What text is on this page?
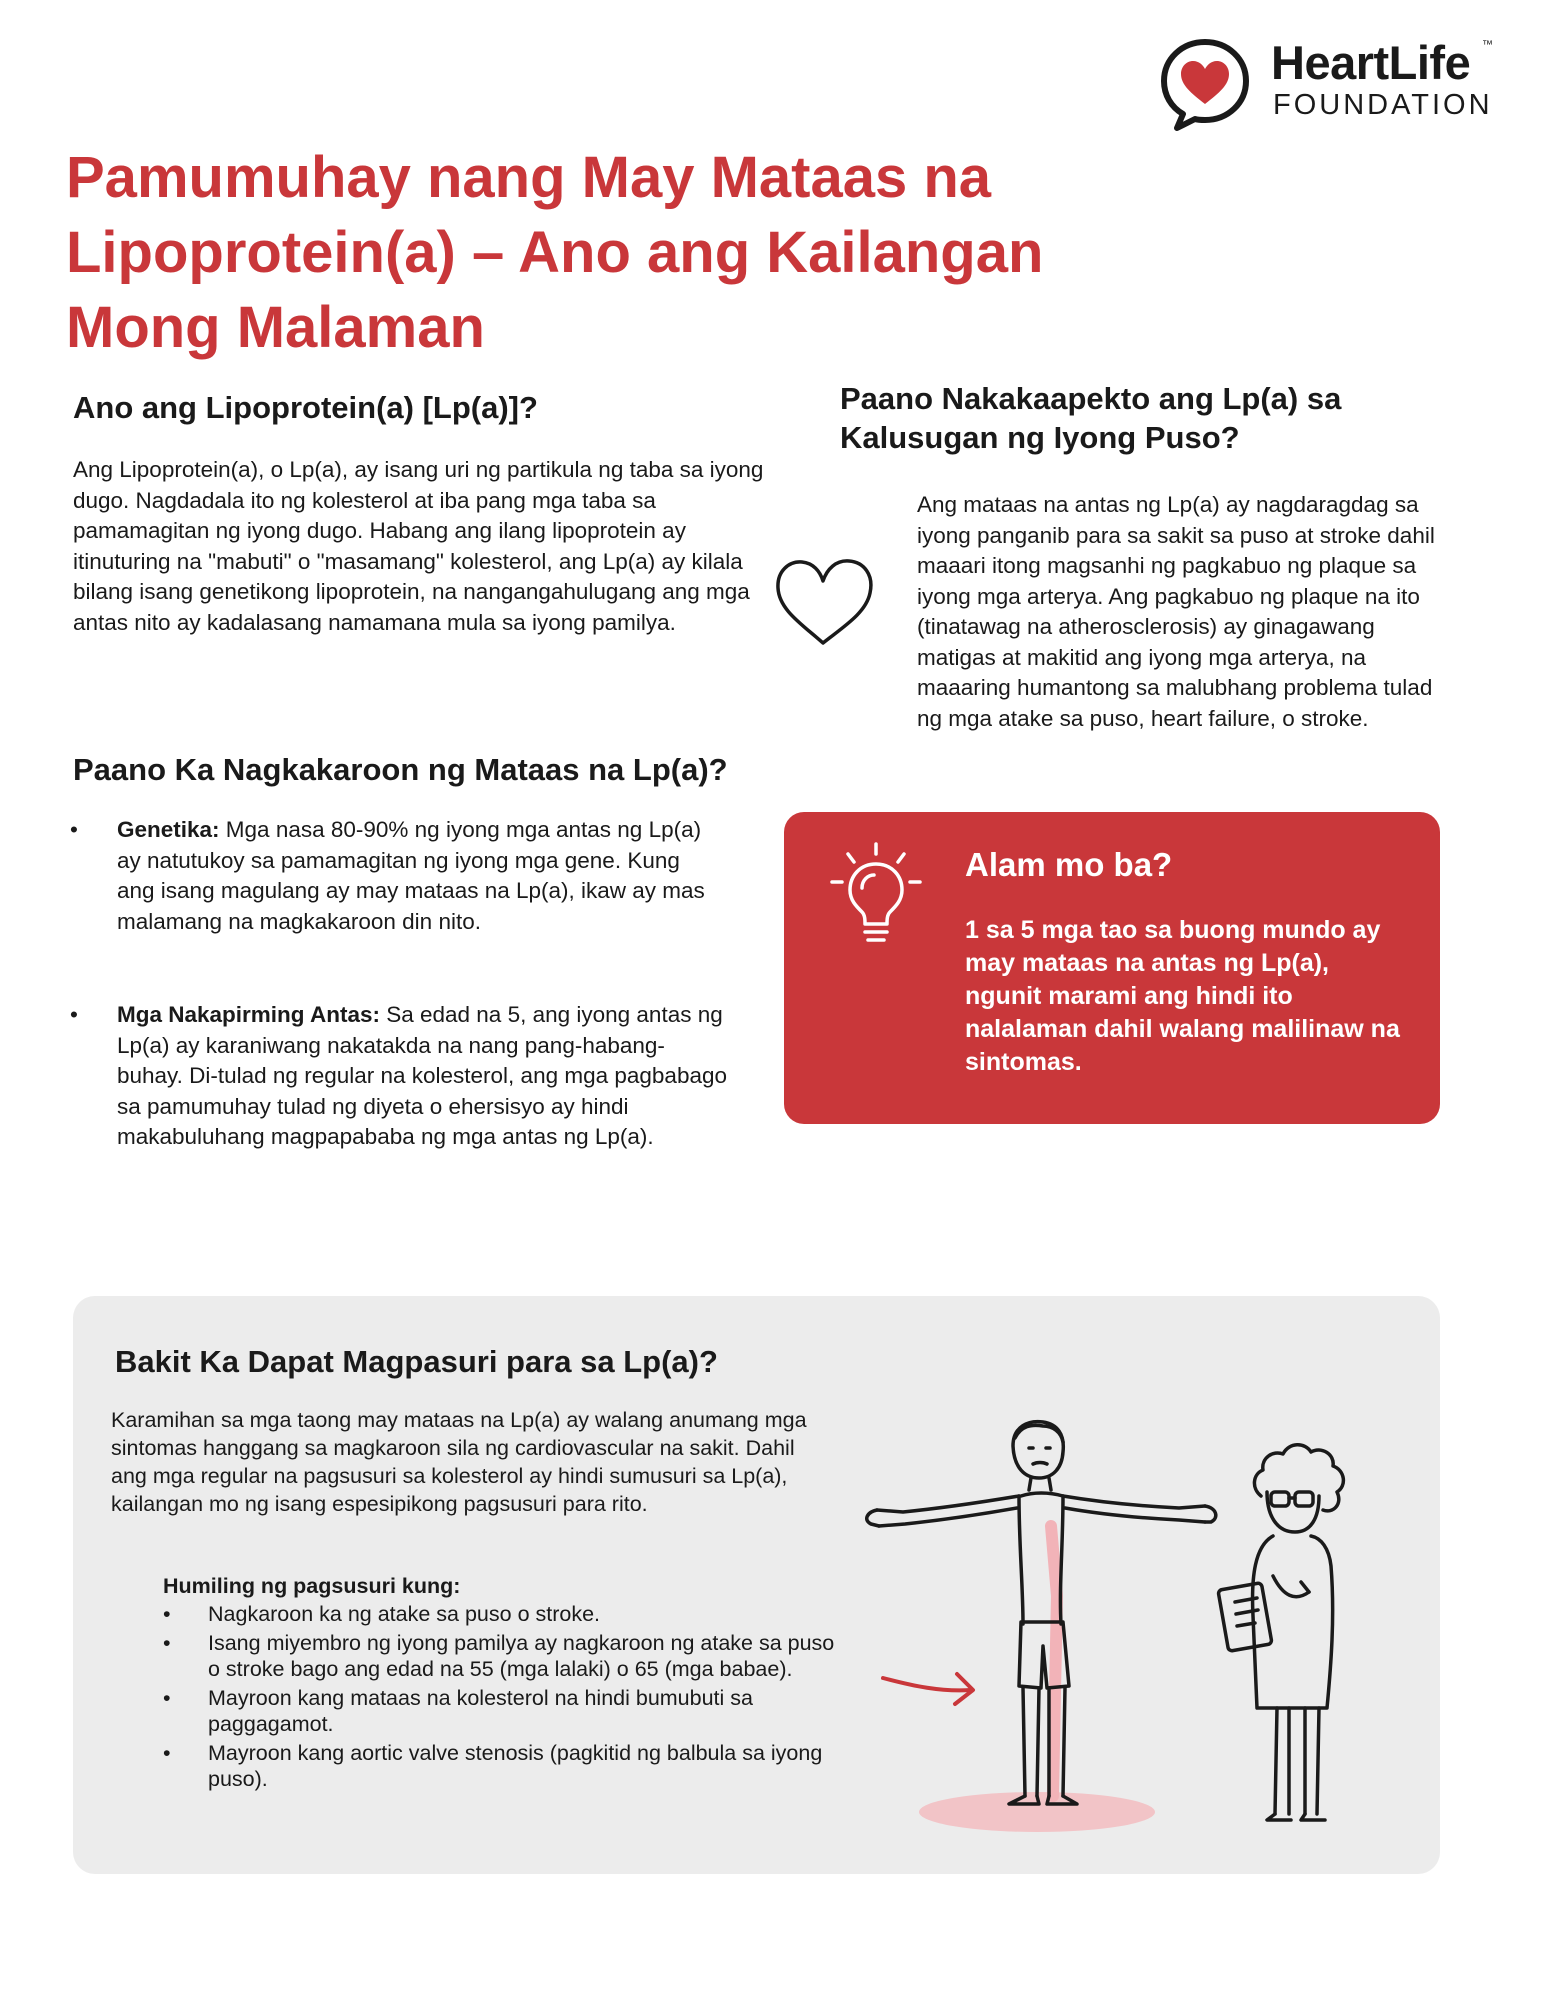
HeartLife ™
FOUNDATION
Pamumuhay nang May Mataas na Lipoprotein(a) – Ano ang Kailangan Mong Malaman
Ano ang Lipoprotein(a) [Lp(a)]?

Ang Lipoprotein(a), o Lp(a), ay isang uri ng partikula ng taba sa iyong dugo. Nagdadala ito ng kolesterol at iba pang mga taba sa pamamagitan ng iyong dugo. Habang ang ilang lipoprotein ay itinuturing na "mabuti" o "masamang" kolesterol, ang Lp(a) ay kilala bilang isang genetikong lipoprotein, na nangangahulugang ang mga antas nito ay kadalasang namamana mula sa iyong pamilya.

Paano Nakakaapekto ang Lp(a) sa Kalusugan ng Iyong Puso?

Ang mataas na antas ng Lp(a) ay nagdaragdag sa iyong panganib para sa sakit sa puso at stroke dahil maaari itong magsanhi ng pagkabuo ng plaque sa iyong mga arterya. Ang pagkabuo ng plaque na ito (tinatawag na atherosclerosis) ay ginagawang matigas at makitid ang iyong mga arterya, na maaaring humantong sa malubhang problema tulad ng mga atake sa puso, heart failure, o stroke.

Paano Ka Nagkakaroon ng Mataas na Lp(a)?
• Genetika: Mga nasa 80-90% ng iyong mga antas ng Lp(a) ay natutukoy sa pamamagitan ng iyong mga gene. Kung ang isang magulang ay may mataas na Lp(a), ikaw ay mas malamang na magkakaroon din nito.

• Mga Nakapirming Antas: Sa edad na 5, ang iyong antas ng Lp(a) ay karaniwang nakatakda na nang pang-habang-buhay. Di-tulad ng regular na kolesterol, ang mga pagbabago sa pamumuhay tulad ng diyeta o ehersisyo ay hindi makabuluhang magpapababa ng mga antas ng Lp(a).

Alam mo ba?

1 sa 5 mga tao sa buong mundo ay may mataas na antas ng Lp(a), ngunit marami ang hindi ito nalalaman dahil walang malilinaw na sintomas.

Bakit Ka Dapat Magpasuri para sa Lp(a)?

Karamihan sa mga taong may mataas na Lp(a) ay walang anumang mga sintomas hanggang sa magkaroon sila ng cardiovascular na sakit. Dahil ang mga regular na pagsusuri sa kolesterol ay hindi sumusuri sa Lp(a), kailangan mo ng isang espesipikong pagsusuri para rito.

Humiling ng pagsusuri kung:

• Nagkaroon ka ng atake sa puso o stroke.
• Isang miyembro ng iyong pamilya ay nagkaroon ng atake sa puso o stroke bago ang edad na 55 (mga lalaki) o 65 (mga babae).
• Mayroon kang mataas na kolesterol na hindi bumubuti sa paggagamot.
• Mayroon kang aortic valve stenosis (pagkitid ng balbula sa iyong puso).
